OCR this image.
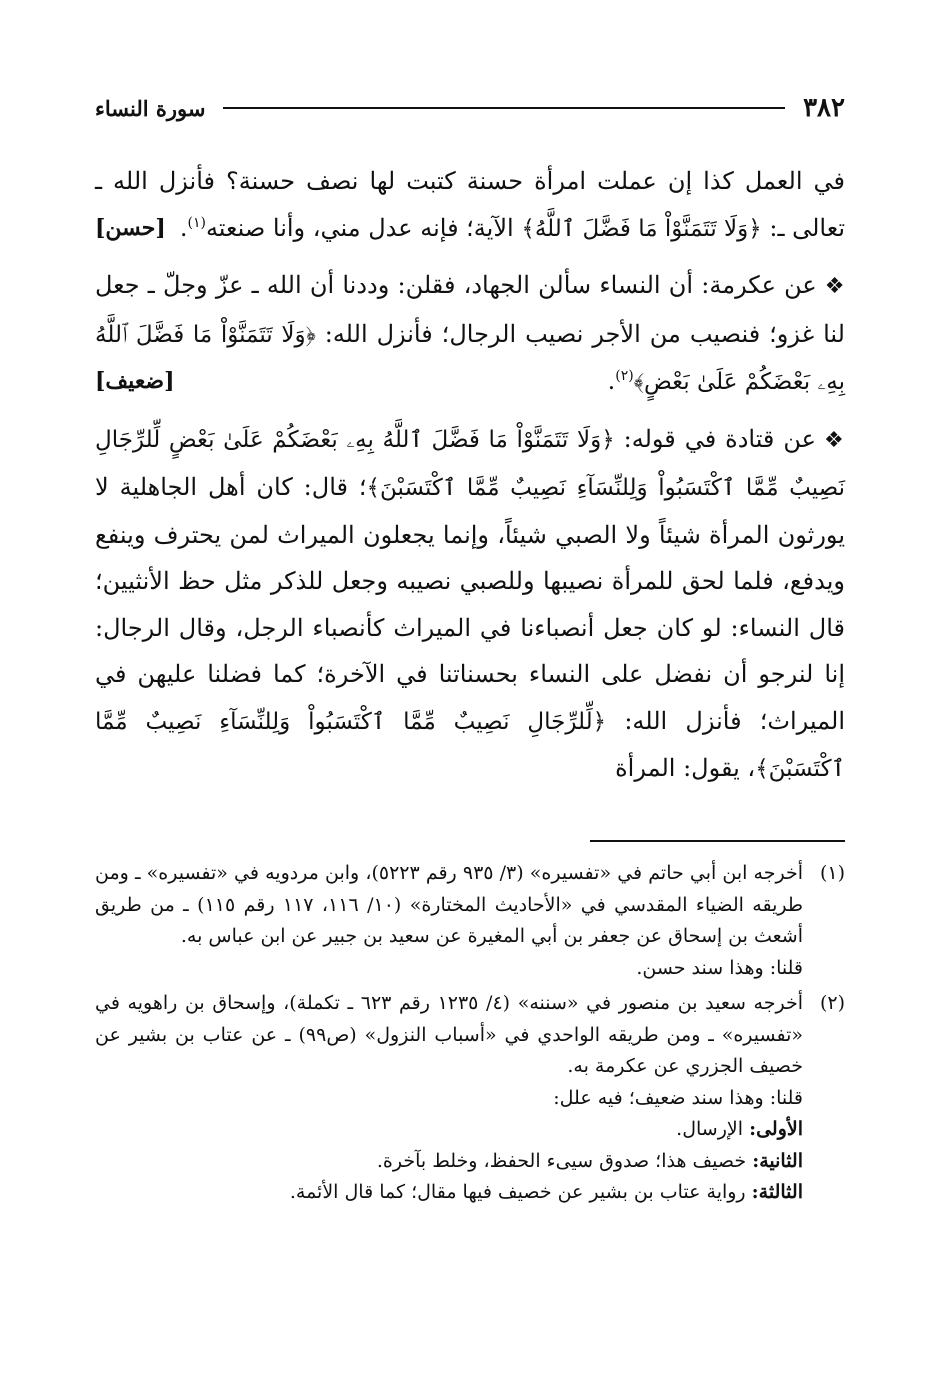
٣٨٢
سورة النساء

في العمل كذا إن عملت امرأة حسنة كتبت لها نصف حسنة؟ فأنزل الله ـ تعالى ـ: ﴿وَلَا تَتَمَنَّوْاْ مَا فَضَّلَ ٱللَّهُ﴾ الآية؛ فإنه عدل مني، وأنا صنعته$^{(١)}$.
[حسن]

❖عن عكرمة: أن النساء سألن الجهاد، فقلن: وددنا أن الله ـ عزّ وجلّ ـ جعل لنا غزو؛ فنصيب من الأجر نصيب الرجال؛ فأنزل الله: ﴿وَلَا تَتَمَنَّوْاْ مَا فَضَّلَ ٱللَّهُ بِهِۦ بَعْضَكُمْ عَلَىٰ بَعْضٍ﴾$^{(٢)}$.
[ضعيف]

❖عن قتادة في قوله: ﴿وَلَا تَتَمَنَّوْاْ مَا فَضَّلَ ٱللَّهُ بِهِۦ بَعْضَكُمْ عَلَىٰ بَعْضٍ لِّلرِّجَالِ نَصِيبٌ مِّمَّا ٱكْتَسَبُواْ وَلِلنِّسَآءِ نَصِيبٌ مِّمَّا ٱكْتَسَبْنَ﴾؛ قال: كان أهل الجاهلية لا يورثون المرأة شيئاً ولا الصبي شيئاً، وإنما يجعلون الميراث لمن يحترف وينفع ويدفع، فلما لحق للمرأة نصيبها وللصبي نصيبه وجعل للذكر مثل حظ الأنثيين؛ قال النساء: لو كان جعل أنصباءنا في الميراث كأنصباء الرجل، وقال الرجال: إنا لنرجو أن نفضل على النساء بحسناتنا في الآخرة؛ كما فضلنا عليهن في الميراث؛ فأنزل الله: ﴿لِّلرِّجَالِ نَصِيبٌ مِّمَّا ٱكْتَسَبُواْ وَلِلنِّسَآءِ نَصِيبٌ مِّمَّا ٱكْتَسَبْنَ﴾، يقول: المرأة

(١)

أخرجه ابن أبي حاتم في «تفسيره» (٣/ ٩٣٥ رقم ٥٢٢٣)، وابن مردويه في «تفسيره» ـ ومن طريقه الضياء المقدسي في «الأحاديث المختارة» (١٠/ ١١٦، ١١٧ رقم ١١٥) ـ من طريق أشعث بن إسحاق عن جعفر بن أبي المغيرة عن سعيد بن جبير عن ابن عباس به.

قلنا: وهذا سند حسن.

(٢)

أخرجه سعيد بن منصور في «سننه» (٤/ ١٢٣٥ رقم ٦٢٣ ـ تكملة)، وإسحاق بن راهويه في «تفسيره» ـ ومن طريقه الواحدي في «أسباب النزول» (ص٩٩) ـ عن عتاب بن بشير عن خصيف الجزري عن عكرمة به.

قلنا: وهذا سند ضعيف؛ فيه علل:

الأولى:

الإرسال.
الثانية:

خصيف هذا؛ صدوق سيىء الحفظ، وخلط بآخرة.
الثالثة:

رواية عتاب بن بشير عن خصيف فيها مقال؛ كما قال الأئمة.
